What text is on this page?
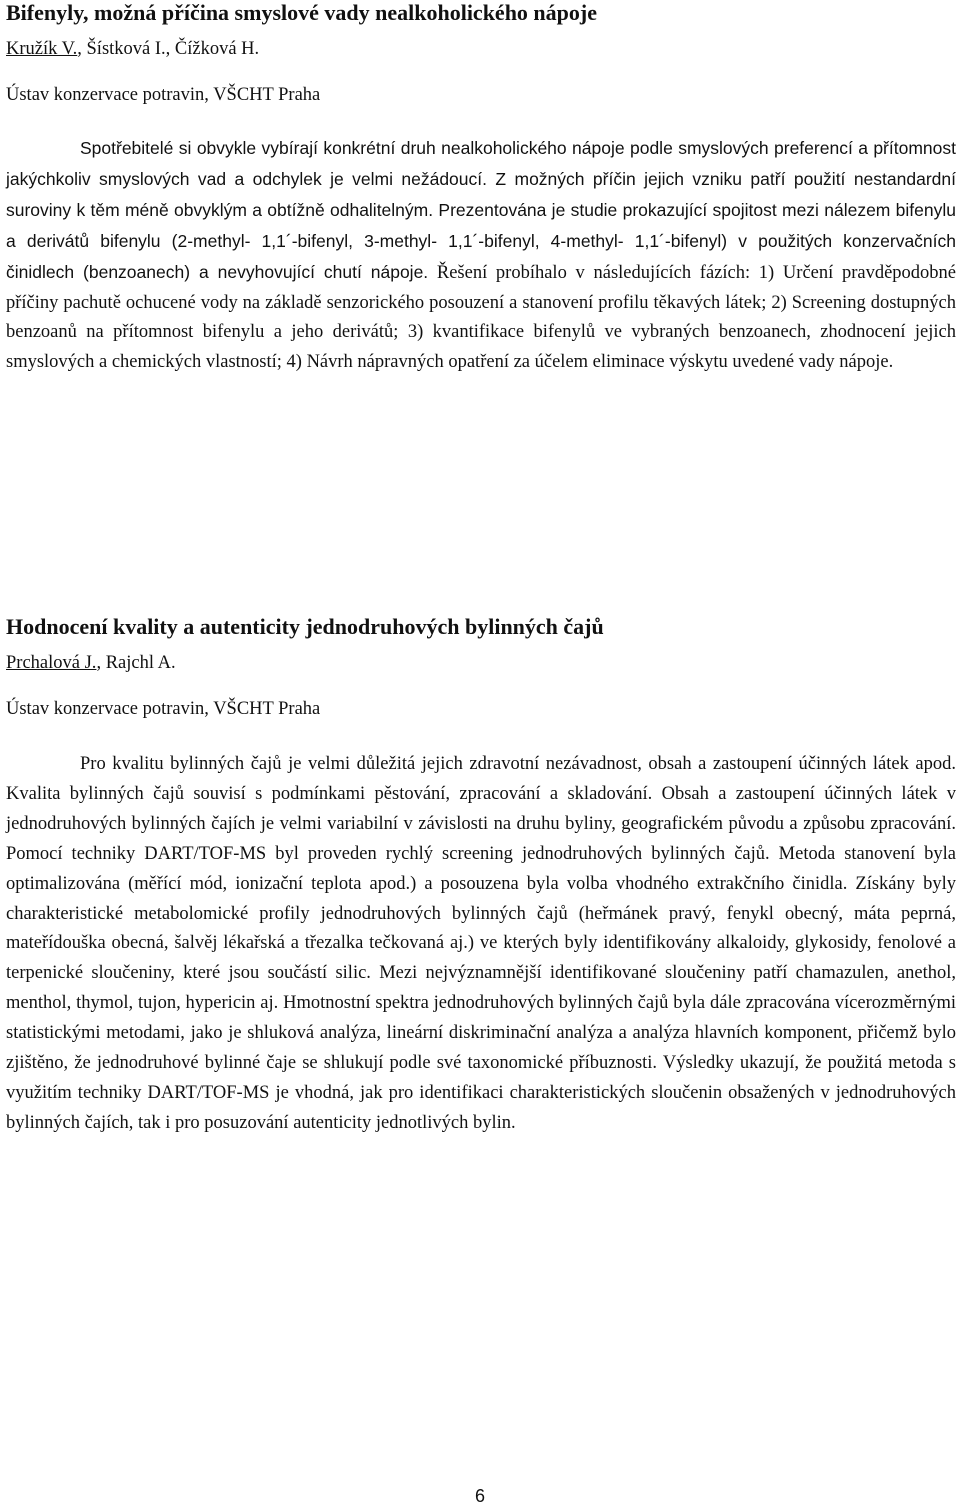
Bifenyly, možná příčina smyslové vady nealkoholického nápoje

Kružík V., Šístková I., Čížková H.

Ústav konzervace potravin, VŠCHT Praha

Spotřebitelé si obvykle vybírají konkrétní druh nealkoholického nápoje podle smyslových preferencí a přítomnost jakýchkoliv smyslových vad a odchylek je velmi nežádoucí. Z možných příčin jejich vzniku patří použití nestandardní suroviny k těm méně obvyklým a obtížně odhalitelným. Prezentována je studie prokazující spojitost mezi nálezem bifenylu a derivátů bifenylu (2-methyl- 1,1´-bifenyl, 3-methyl- 1,1´-bifenyl, 4-methyl- 1,1´-bifenyl) v použitých konzervačních činidlech (benzoanech) a nevyhovující chutí nápoje. Řešení probíhalo v následujících fázích: 1) Určení pravděpodobné příčiny pachutě ochucené vody na základě senzorického posouzení a stanovení profilu těkavých látek; 2) Screening dostupných benzoanů na přítomnost bifenylu a jeho derivátů; 3) kvantifikace bifenylů ve vybraných benzoanech, zhodnocení jejich smyslových a chemických vlastností; 4) Návrh nápravných opatření za účelem eliminace výskytu uvedené vady nápoje.

Hodnocení kvality a autenticity jednodruhových bylinných čajů

Prchalová J., Rajchl A.

Ústav konzervace potravin, VŠCHT Praha

Pro kvalitu bylinných čajů je velmi důležitá jejich zdravotní nezávadnost, obsah a zastoupení účinných látek apod. Kvalita bylinných čajů souvisí s podmínkami pěstování, zpracování a skladování. Obsah a zastoupení účinných látek v jednodruhových bylinných čajích je velmi variabilní v závislosti na druhu byliny, geografickém původu a způsobu zpracování. Pomocí techniky DART/TOF-MS byl proveden rychlý screening jednodruhových bylinných čajů. Metoda stanovení byla optimalizována (měřící mód, ionizační teplota apod.) a posouzena byla volba vhodného extrakčního činidla. Získány byly charakteristické metabolomické profily jednodruhových bylinných čajů (heřmánek pravý, fenykl obecný, máta peprná, mateřídouška obecná, šalvěj lékařská a třezalka tečkovaná aj.) ve kterých byly identifikovány alkaloidy, glykosidy, fenolové a terpenické sloučeniny, které jsou součástí silic. Mezi nejvýznamnější identifikované sloučeniny patří chamazulen, anethol, menthol, thymol, tujon, hypericin aj. Hmotnostní spektra jednodruhových bylinných čajů byla dále zpracována vícerozměrnými statistickými metodami, jako je shluková analýza, lineární diskriminační analýza a analýza hlavních komponent, přičemž bylo zjištěno, že jednodruhové bylinné čaje se shlukují podle své taxonomické příbuznosti. Výsledky ukazují, že použitá metoda s využitím techniky DART/TOF-MS je vhodná, jak pro identifikaci charakteristických sloučenin obsažených v jednodruhových bylinných čajích, tak i pro posuzování autenticity jednotlivých bylin.

6
